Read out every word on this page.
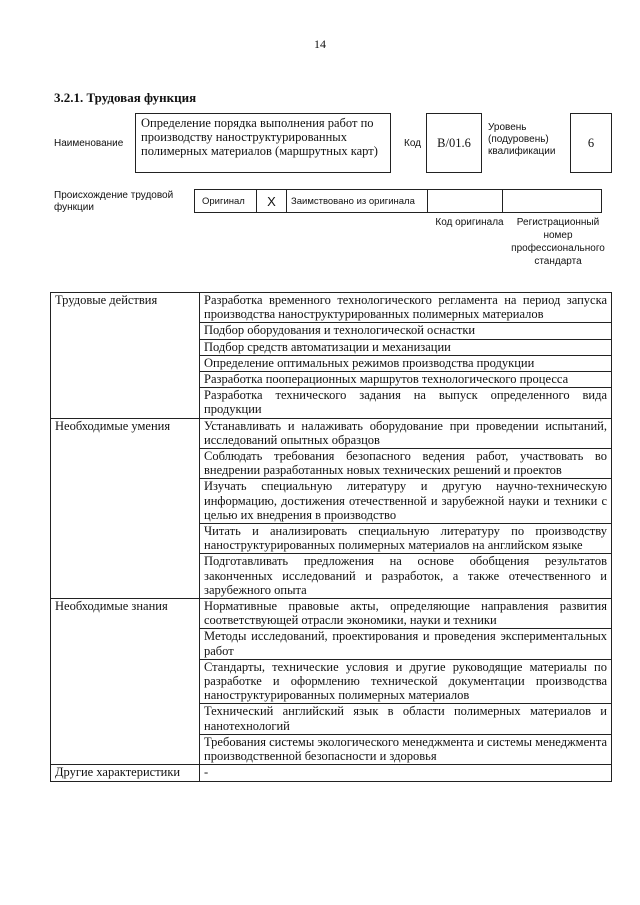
14
3.2.1. Трудовая функция
Наименование
Определение порядка выполнения работ по производству наноструктурированных полимерных материалов (маршрутных карт)
Код	B/01.6
Уровень (подуровень) квалификации
6
Происхождение трудовой функции
Оригинал	X	Заимствовано из оригинала
Код оригинала	Регистрационный номер профессионального стандарта
Трудовые действия	Разработка временного технологического регламента на период запуска производства наноструктурированных полимерных материалов
	Подбор оборудования и технологической оснастки
	Подбор средств автоматизации и механизации
	Определение оптимальных режимов производства продукции
	Разработка пооперационных маршрутов технологического процесса
	Разработка технического задания на выпуск определенного вида продукции
Необходимые умения	Устанавливать и налаживать оборудование при проведении испытаний, исследований опытных образцов
	Соблюдать требования безопасного ведения работ, участвовать во внедрении разработанных новых технических решений и проектов
	Изучать специальную литературу и другую научно-техническую информацию, достижения отечественной и зарубежной науки и техники с целью их внедрения в производство
	Читать и анализировать специальную литературу по производству наноструктурированных полимерных материалов на английском языке
	Подготавливать предложения на основе обобщения результатов законченных исследований и разработок, а также отечественного и зарубежного опыта
Необходимые знания	Нормативные правовые акты, определяющие направления развития соответствующей отрасли экономики, науки и техники
	Методы исследований, проектирования и проведения экспериментальных работ
	Стандарты, технические условия и другие руководящие материалы по разработке и оформлению технической документации производства наноструктурированных полимерных материалов
	Технический английский язык в области полимерных материалов и нанотехнологий
	Требования системы экологического менеджмента и системы менеджмента производственной безопасности и здоровья
Другие характеристики	-
